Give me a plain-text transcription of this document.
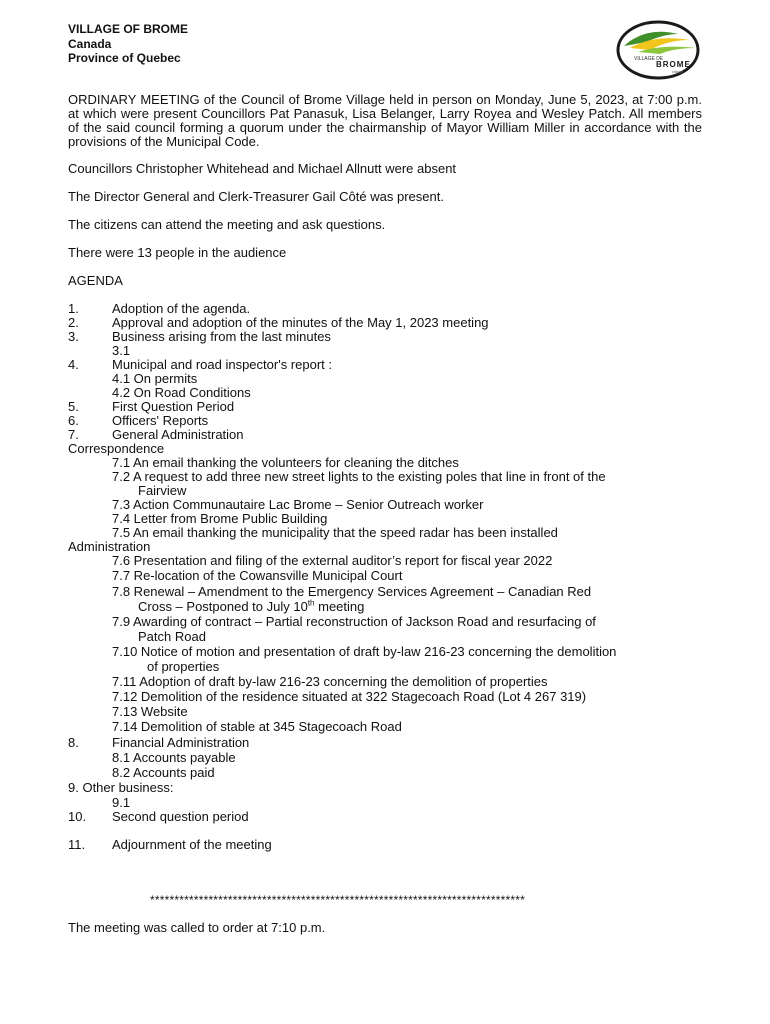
VILLAGE OF BROME
Canada
Province of Quebec	VILLAGE DE
BROME
village

ORDINARY MEETING of the Council of Brome Village held in person on Monday, June 5, 2023, at 7:00 p.m. at which were present Councillors Pat Panasuk, Lisa Belanger, Larry Royea and Wesley Patch. All members of the said council forming a quorum under the chairmanship of Mayor William Miller in accordance with the provisions of the Municipal Code.

Councillors Christopher Whitehead and Michael Allnutt were absent
The Director General and Clerk-Treasurer Gail Côté was present.
The citizens can attend the meeting and ask questions.
There were 13 people in the audience
AGENDA
1.	Adoption of the agenda.
2.	Approval and adoption of the minutes of the May 1, 2023 meeting
3.	Business arising from the last minutes
3.1
4.	Municipal and road inspector's report :
4.1 On permits
4.2 On Road Conditions
5.	First Question Period
6.	Officers' Reports
7.	General Administration
Correspondence
7.1 An email thanking the volunteers for cleaning the ditches
7.2 A request to add three new street lights to the existing poles that line in front of the
Fairview
7.3 Action Communautaire Lac Brome – Senior Outreach worker
7.4 Letter from Brome Public Building
7.5 An email thanking the municipality that the speed radar has been installed
Administration
7.6 Presentation and filing of the external auditor’s report for fiscal year 2022
7.7 Re-location of the Cowansville Municipal Court
7.8 Renewal – Amendment to the Emergency Services Agreement – Canadian Red
Cross – Postponed to July 10th meeting
7.9 Awarding of contract – Partial reconstruction of Jackson Road and resurfacing of
Patch Road
7.10 Notice of motion and presentation of draft by-law 216-23 concerning the demolition
of properties
7.11 Adoption of draft by-law 216-23 concerning the demolition of properties
7.12 Demolition of the residence situated at 322 Stagecoach Road (Lot 4 267 319)
7.13 Website
7.14 Demolition of stable at 345 Stagecoach Road
8.	Financial Administration
8.1 Accounts payable
8.2 Accounts paid
9. Other business:
9.1
10. Second question period
11. Adjournment of the meeting
*****************************************************************************
The meeting was called to order at 7:10 p.m.
